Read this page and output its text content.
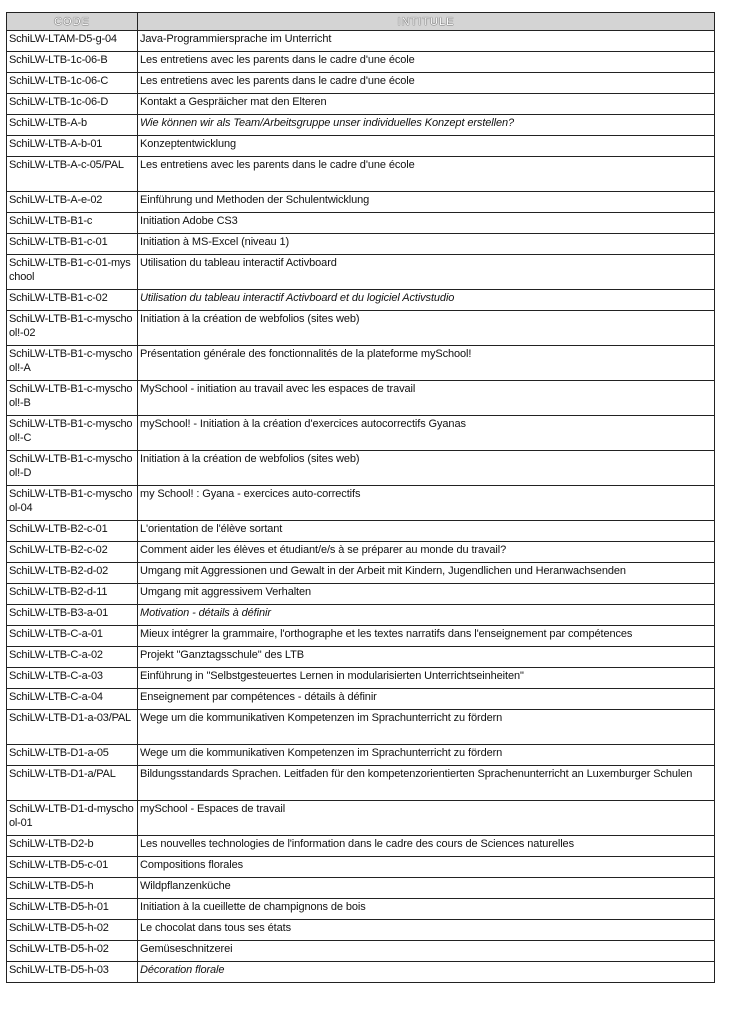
CODE	INTITULE
SchiLW-LTAM-D5-g-04	Java-Programmiersprache im Unterricht
SchiLW-LTB-1c-06-B	Les entretiens avec les parents dans le cadre d'une école
SchiLW-LTB-1c-06-C	Les entretiens avec les parents dans le cadre d'une école
SchiLW-LTB-1c-06-D	Kontakt a Gespräicher mat den Elteren
SchiLW-LTB-A-b	Wie können wir als Team/Arbeitsgruppe unser individuelles Konzept erstellen?
SchiLW-LTB-A-b-01	Konzeptentwicklung
SchiLW-LTB-A-c-05/PAL	Les entretiens avec les parents dans le cadre d'une école
SchiLW-LTB-A-e-02	Einführung und Methoden der Schulentwicklung
SchiLW-LTB-B1-c	Initiation Adobe CS3
SchiLW-LTB-B1-c-01	Initiation à MS-Excel (niveau 1)
SchiLW-LTB-B1-c-01-myschool	Utilisation du tableau interactif Activboard
SchiLW-LTB-B1-c-02	Utilisation du tableau interactif Activboard et du logiciel Activstudio
SchiLW-LTB-B1-c-myschool!-02	Initiation à la création de webfolios (sites web)
SchiLW-LTB-B1-c-myschool!-A	Présentation générale des fonctionnalités de la plateforme mySchool!
SchiLW-LTB-B1-c-myschool!-B	MySchool - initiation au travail avec les espaces de travail
SchiLW-LTB-B1-c-myschool!-C	mySchool! - Initiation à la création d'exercices autocorrectifs Gyanas
SchiLW-LTB-B1-c-myschool!-D	Initiation à la création de webfolios (sites web)
SchiLW-LTB-B1-c-myschool-04	my School! : Gyana - exercices auto-correctifs
SchiLW-LTB-B2-c-01	L'orientation de l'élève sortant
SchiLW-LTB-B2-c-02	Comment aider les élèves et étudiant/e/s à se préparer au monde du travail?
SchiLW-LTB-B2-d-02	Umgang mit Aggressionen und Gewalt in der Arbeit mit Kindern, Jugendlichen und Heranwachsenden
SchiLW-LTB-B2-d-11	Umgang mit aggressivem Verhalten
SchiLW-LTB-B3-a-01	Motivation - détails à définir
SchiLW-LTB-C-a-01	Mieux intégrer la grammaire, l'orthographe et les textes narratifs dans l'enseignement par compétences
SchiLW-LTB-C-a-02	Projekt "Ganztagsschule" des LTB
SchiLW-LTB-C-a-03	Einführung in "Selbstgesteuertes Lernen in modularisierten Unterrichtseinheiten"
SchiLW-LTB-C-a-04	Enseignement par compétences - détails à définir
SchiLW-LTB-D1-a-03/PAL	Wege um die kommunikativen Kompetenzen im Sprachunterricht zu fördern
SchiLW-LTB-D1-a-05	Wege um die kommunikativen Kompetenzen im Sprachunterricht zu fördern
SchiLW-LTB-D1-a/PAL	Bildungsstandards Sprachen. Leitfaden für den kompetenzorientierten Sprachenunterricht an Luxemburger Schulen
SchiLW-LTB-D1-d-myschool-01	mySchool - Espaces de travail
SchiLW-LTB-D2-b	Les nouvelles technologies de l'information dans le cadre des cours de Sciences naturelles
SchiLW-LTB-D5-c-01	Compositions florales
SchiLW-LTB-D5-h	Wildpflanzenküche
SchiLW-LTB-D5-h-01	Initiation à la cueillette de champignons de bois
SchiLW-LTB-D5-h-02	Le chocolat dans tous ses états
SchiLW-LTB-D5-h-02	Gemüseschnitzerei
SchiLW-LTB-D5-h-03	Décoration florale
